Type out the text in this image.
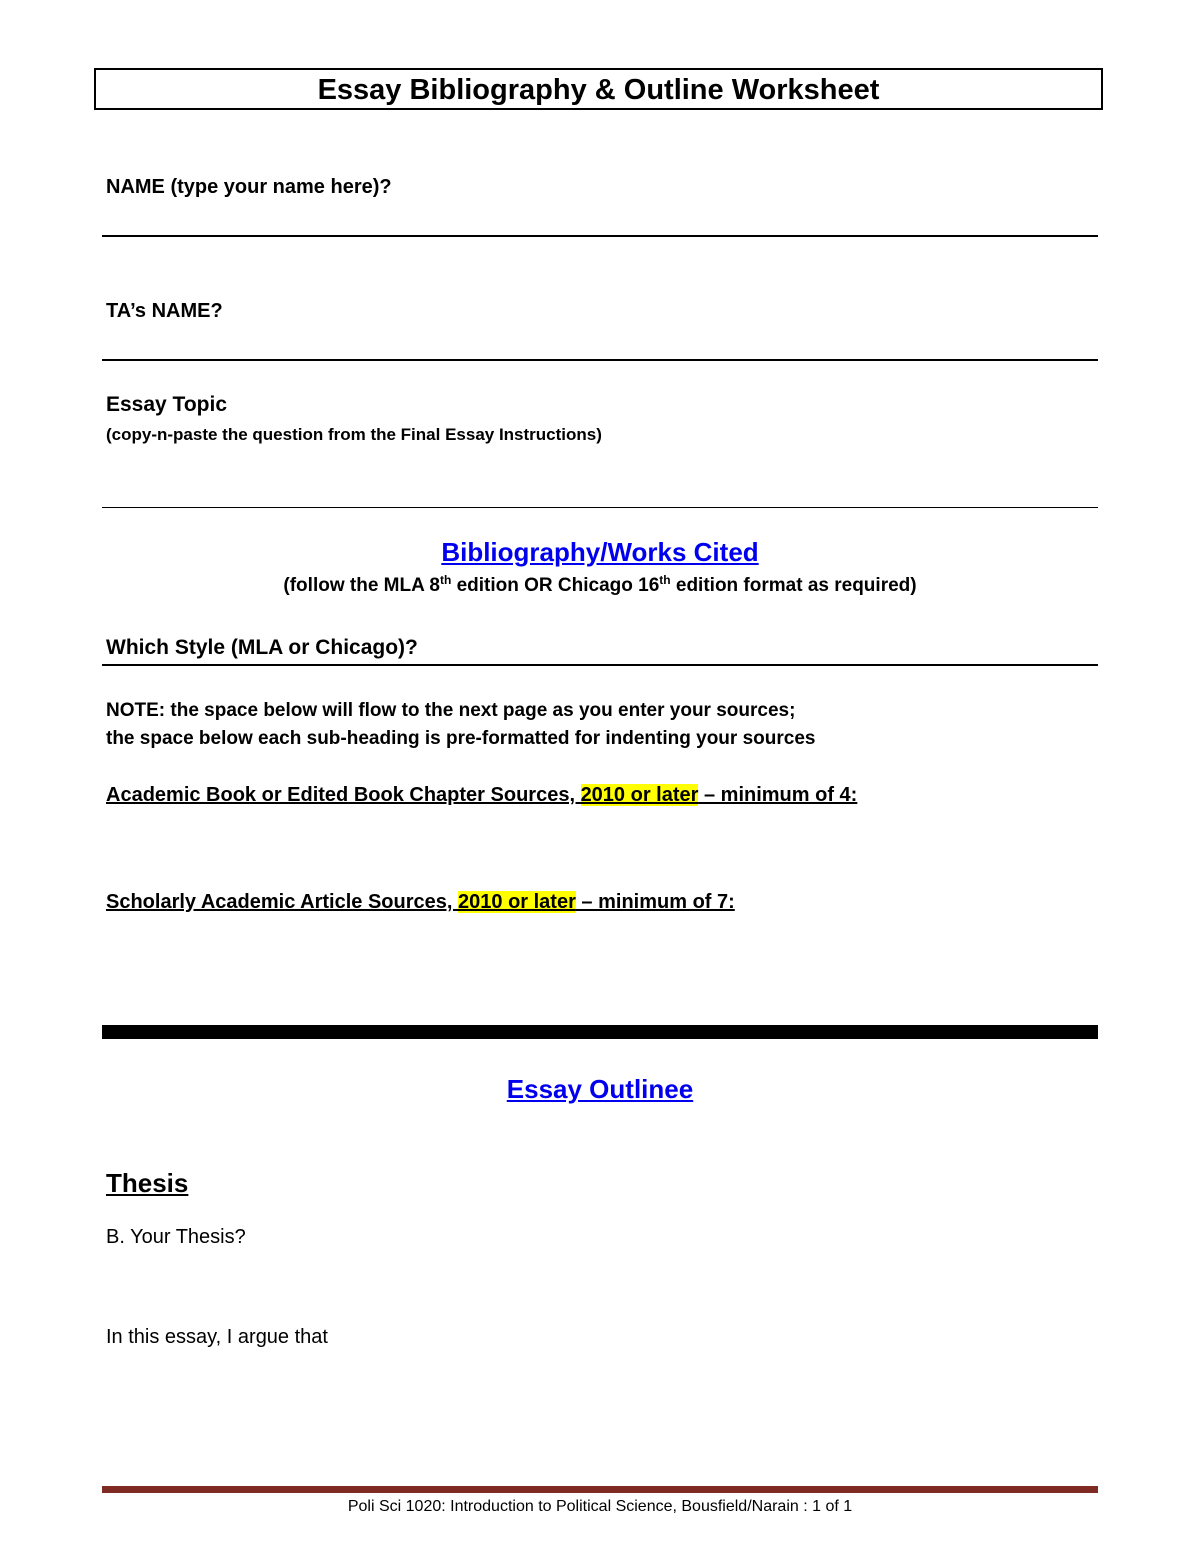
Essay Bibliography & Outline Worksheet
NAME (type your name here)?
TA’s NAME?
Essay Topic
(copy-n-paste the question from the Final Essay Instructions)
Bibliography/Works Cited
(follow the MLA 8th edition OR Chicago 16th edition format as required)
Which Style (MLA or Chicago)?
NOTE: the space below will flow to the next page as you enter your sources;
the space below each sub-heading is pre-formatted for indenting your sources
Academic Book or Edited Book Chapter Sources, 2010 or later – minimum of 4:
Scholarly Academic Article Sources, 2010 or later – minimum of 7:
Essay Outlinee
Thesis
B. Your Thesis?
In this essay, I argue that
Poli Sci 1020: Introduction to Political Science, Bousfield/Narain : 1 of 1
